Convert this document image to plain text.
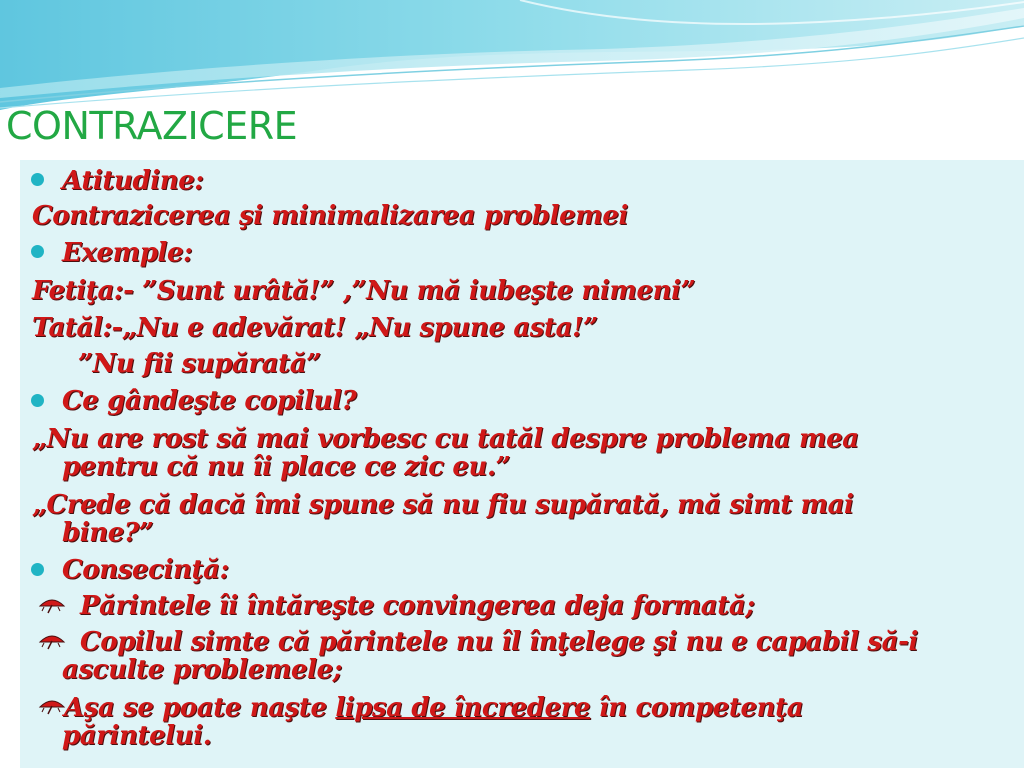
CONTRAZICERE
Atitudine:
Contrazicerea şi minimalizarea problemei
Exemple:
Fetiţa:- ”Sunt urâtă!” ,”Nu mă iubeşte nimeni”
Tatăl:-„Nu e adevărat! „Nu spune asta!”
”Nu fii supărată”
Ce gândeşte copilul?
„Nu are rost să mai vorbesc cu tatăl despre problema mea
pentru că nu îi place ce zic eu.”
„Crede că dacă îmi spune să nu fiu supărată, mă simt mai
bine?”
Consecinţă:
Părintele îi întăreşte convingerea deja formată;
Copilul simte că părintele nu îl înţelege şi nu e capabil să-i
asculte problemele;
Aşa se poate naşte lipsa de încredere în competenţa
părintelui.
